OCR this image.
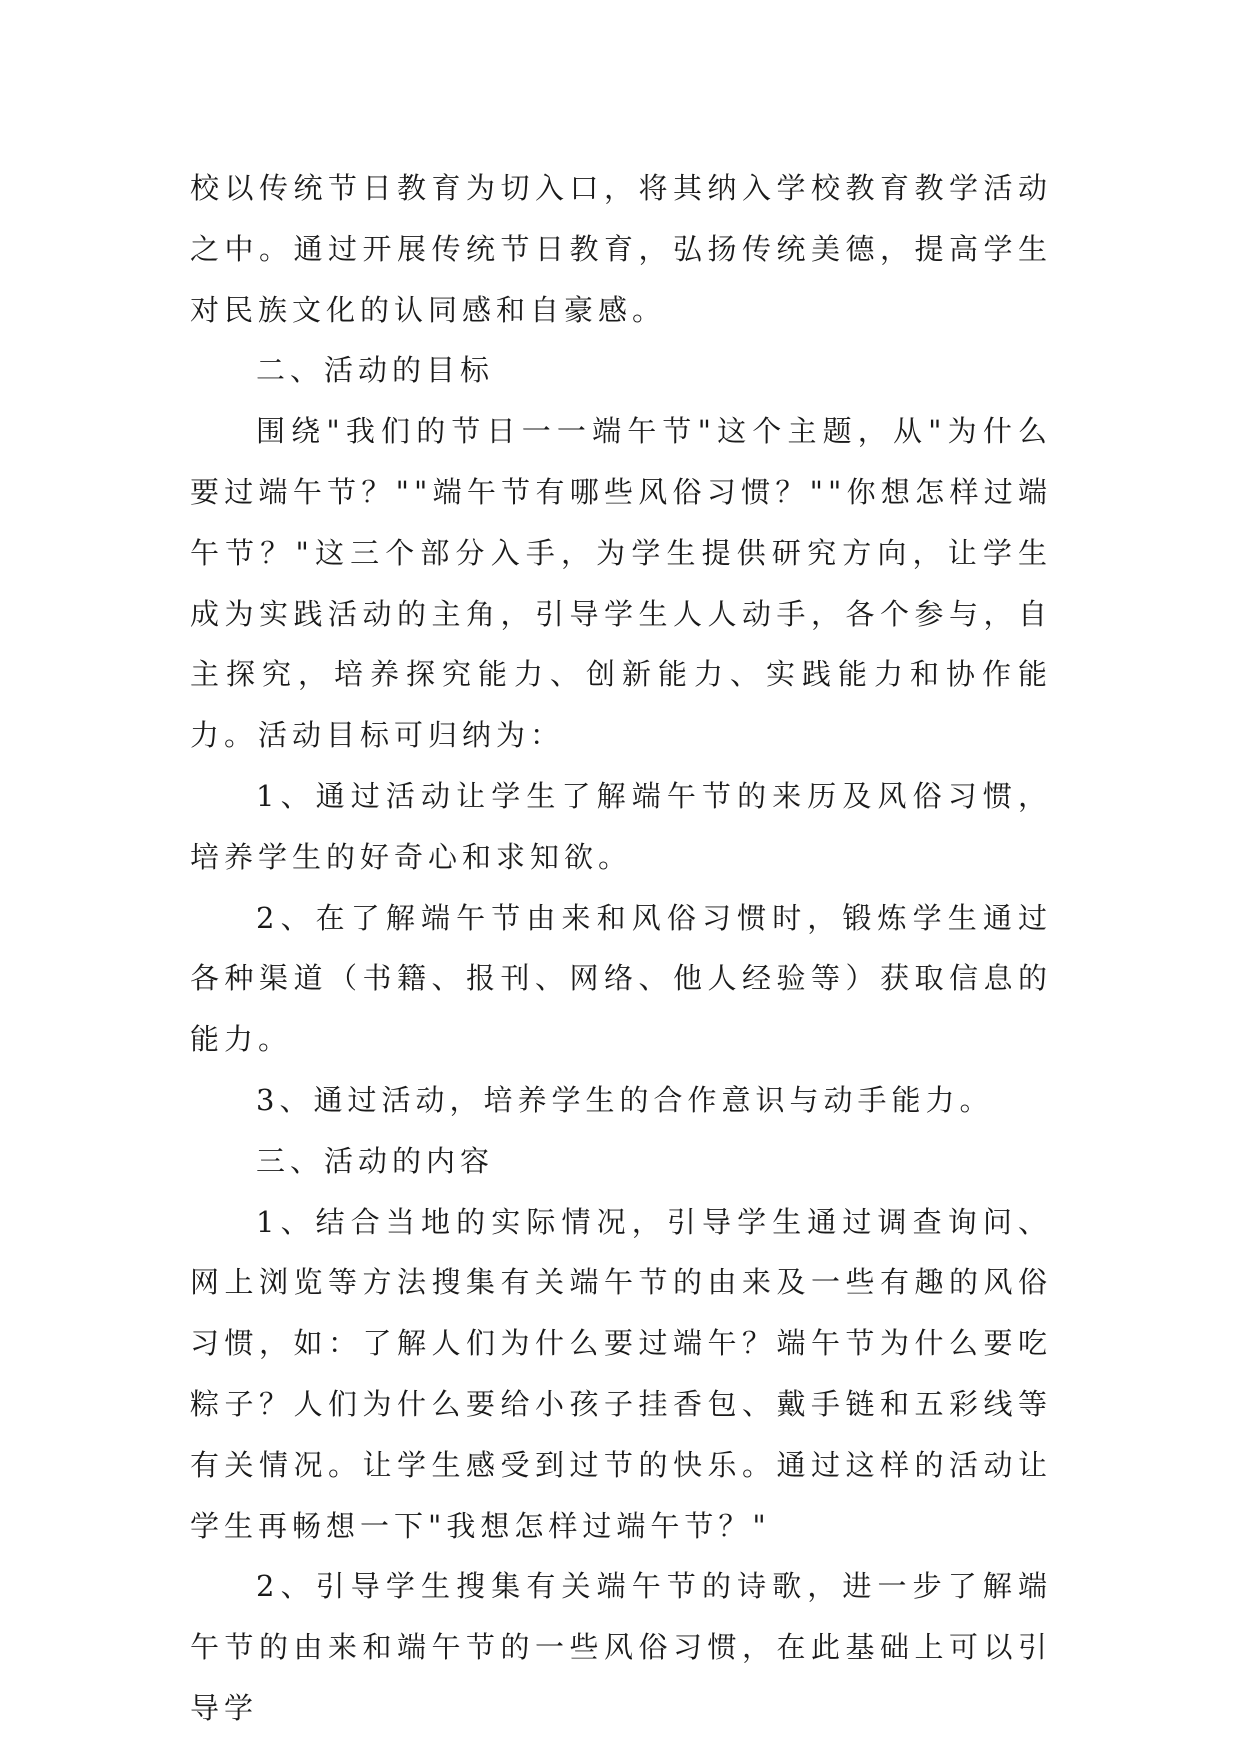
校以传统节日教育为切入口，将其纳入学校教育教学活动之中。通过开展传统节日教育，弘扬传统美德，提高学生对民族文化的认同感和自豪感。

二、活动的目标

围绕"我们的节日一一端午节"这个主题，从"为什么要过端午节？""端午节有哪些风俗习惯？""你想怎样过端午节？"这三个部分入手，为学生提供研究方向，让学生成为实践活动的主角，引导学生人人动手，各个参与，自主探究，培养探究能力、创新能力、实践能力和协作能力。活动目标可归纳为：

1、通过活动让学生了解端午节的来历及风俗习惯，培养学生的好奇心和求知欲。

2、在了解端午节由来和风俗习惯时，锻炼学生通过各种渠道（书籍、报刊、网络、他人经验等）获取信息的能力。

3、通过活动，培养学生的合作意识与动手能力。

三、活动的内容

1、结合当地的实际情况，引导学生通过调查询问、网上浏览等方法搜集有关端午节的由来及一些有趣的风俗习惯，如：了解人们为什么要过端午？端午节为什么要吃粽子？人们为什么要给小孩子挂香包、戴手链和五彩线等有关情况。让学生感受到过节的快乐。通过这样的活动让学生再畅想一下"我想怎样过端午节？"

2、引导学生搜集有关端午节的诗歌，进一步了解端午节的由来和端午节的一些风俗习惯，在此基础上可以引导学
